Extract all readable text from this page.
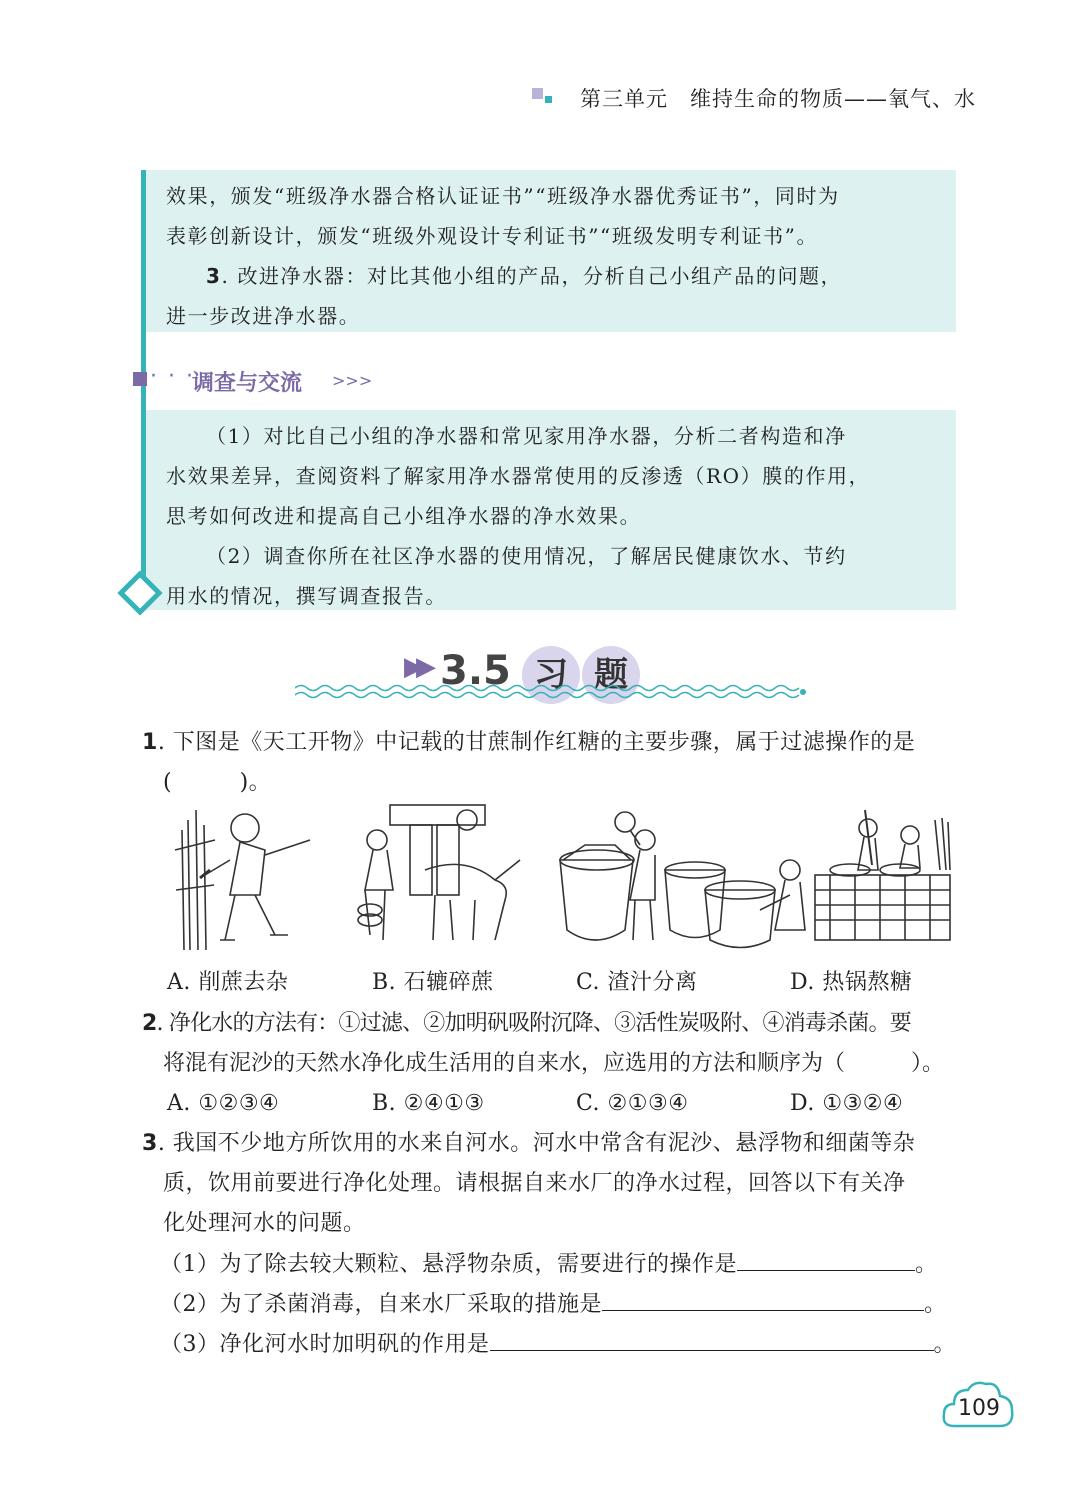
第三单元　维持生命的物质——氧气、水

效果，颁发“班级净水器合格认证证书”“班级净水器优秀证书”，同时为

表彰创新设计，颁发“班级外观设计专利证书”“班级发明专利证书”。

3. 改进净水器：对比其他小组的产品，分析自己小组产品的问题，

进一步改进净水器。

· · ·
调查与交流 >>>

（1）对比自己小组的净水器和常见家用净水器，分析二者构造和净

水效果差异，查阅资料了解家用净水器常使用的反渗透（RO）膜的作用，

思考如何改进和提高自己小组净水器的净水效果。

（2）调查你所在社区净水器的使用情况，了解居民健康饮水、节约

用水的情况，撰写调查报告。

▶▶ 3.5 习 题
1. 下图是《天工开物》中记载的甘蔗制作红糖的主要步骤，属于过滤操作的是
(　　　)。
A. 削蔗去杂	B. 石辘碎蔗	C. 渣汁分离	D. 热锅熬糖
2. 净化水的方法有：①过滤、②加明矾吸附沉降、③活性炭吸附、④消毒杀菌。要
将混有泥沙的天然水净化成生活用的自来水，应选用的方法和顺序为（　　　）。
A. ①②③④	B. ②④①③	C. ②①③④	D. ①③②④
3. 我国不少地方所饮用的水来自河水。河水中常含有泥沙、悬浮物和细菌等杂
质，饮用前要进行净化处理。请根据自来水厂的净水过程，回答以下有关净
化处理河水的问题。
（1）为了除去较大颗粒、悬浮物杂质，需要进行的操作是	。
（2）为了杀菌消毒，自来水厂采取的措施是	。
（3）净化河水时加明矾的作用是	。
109
